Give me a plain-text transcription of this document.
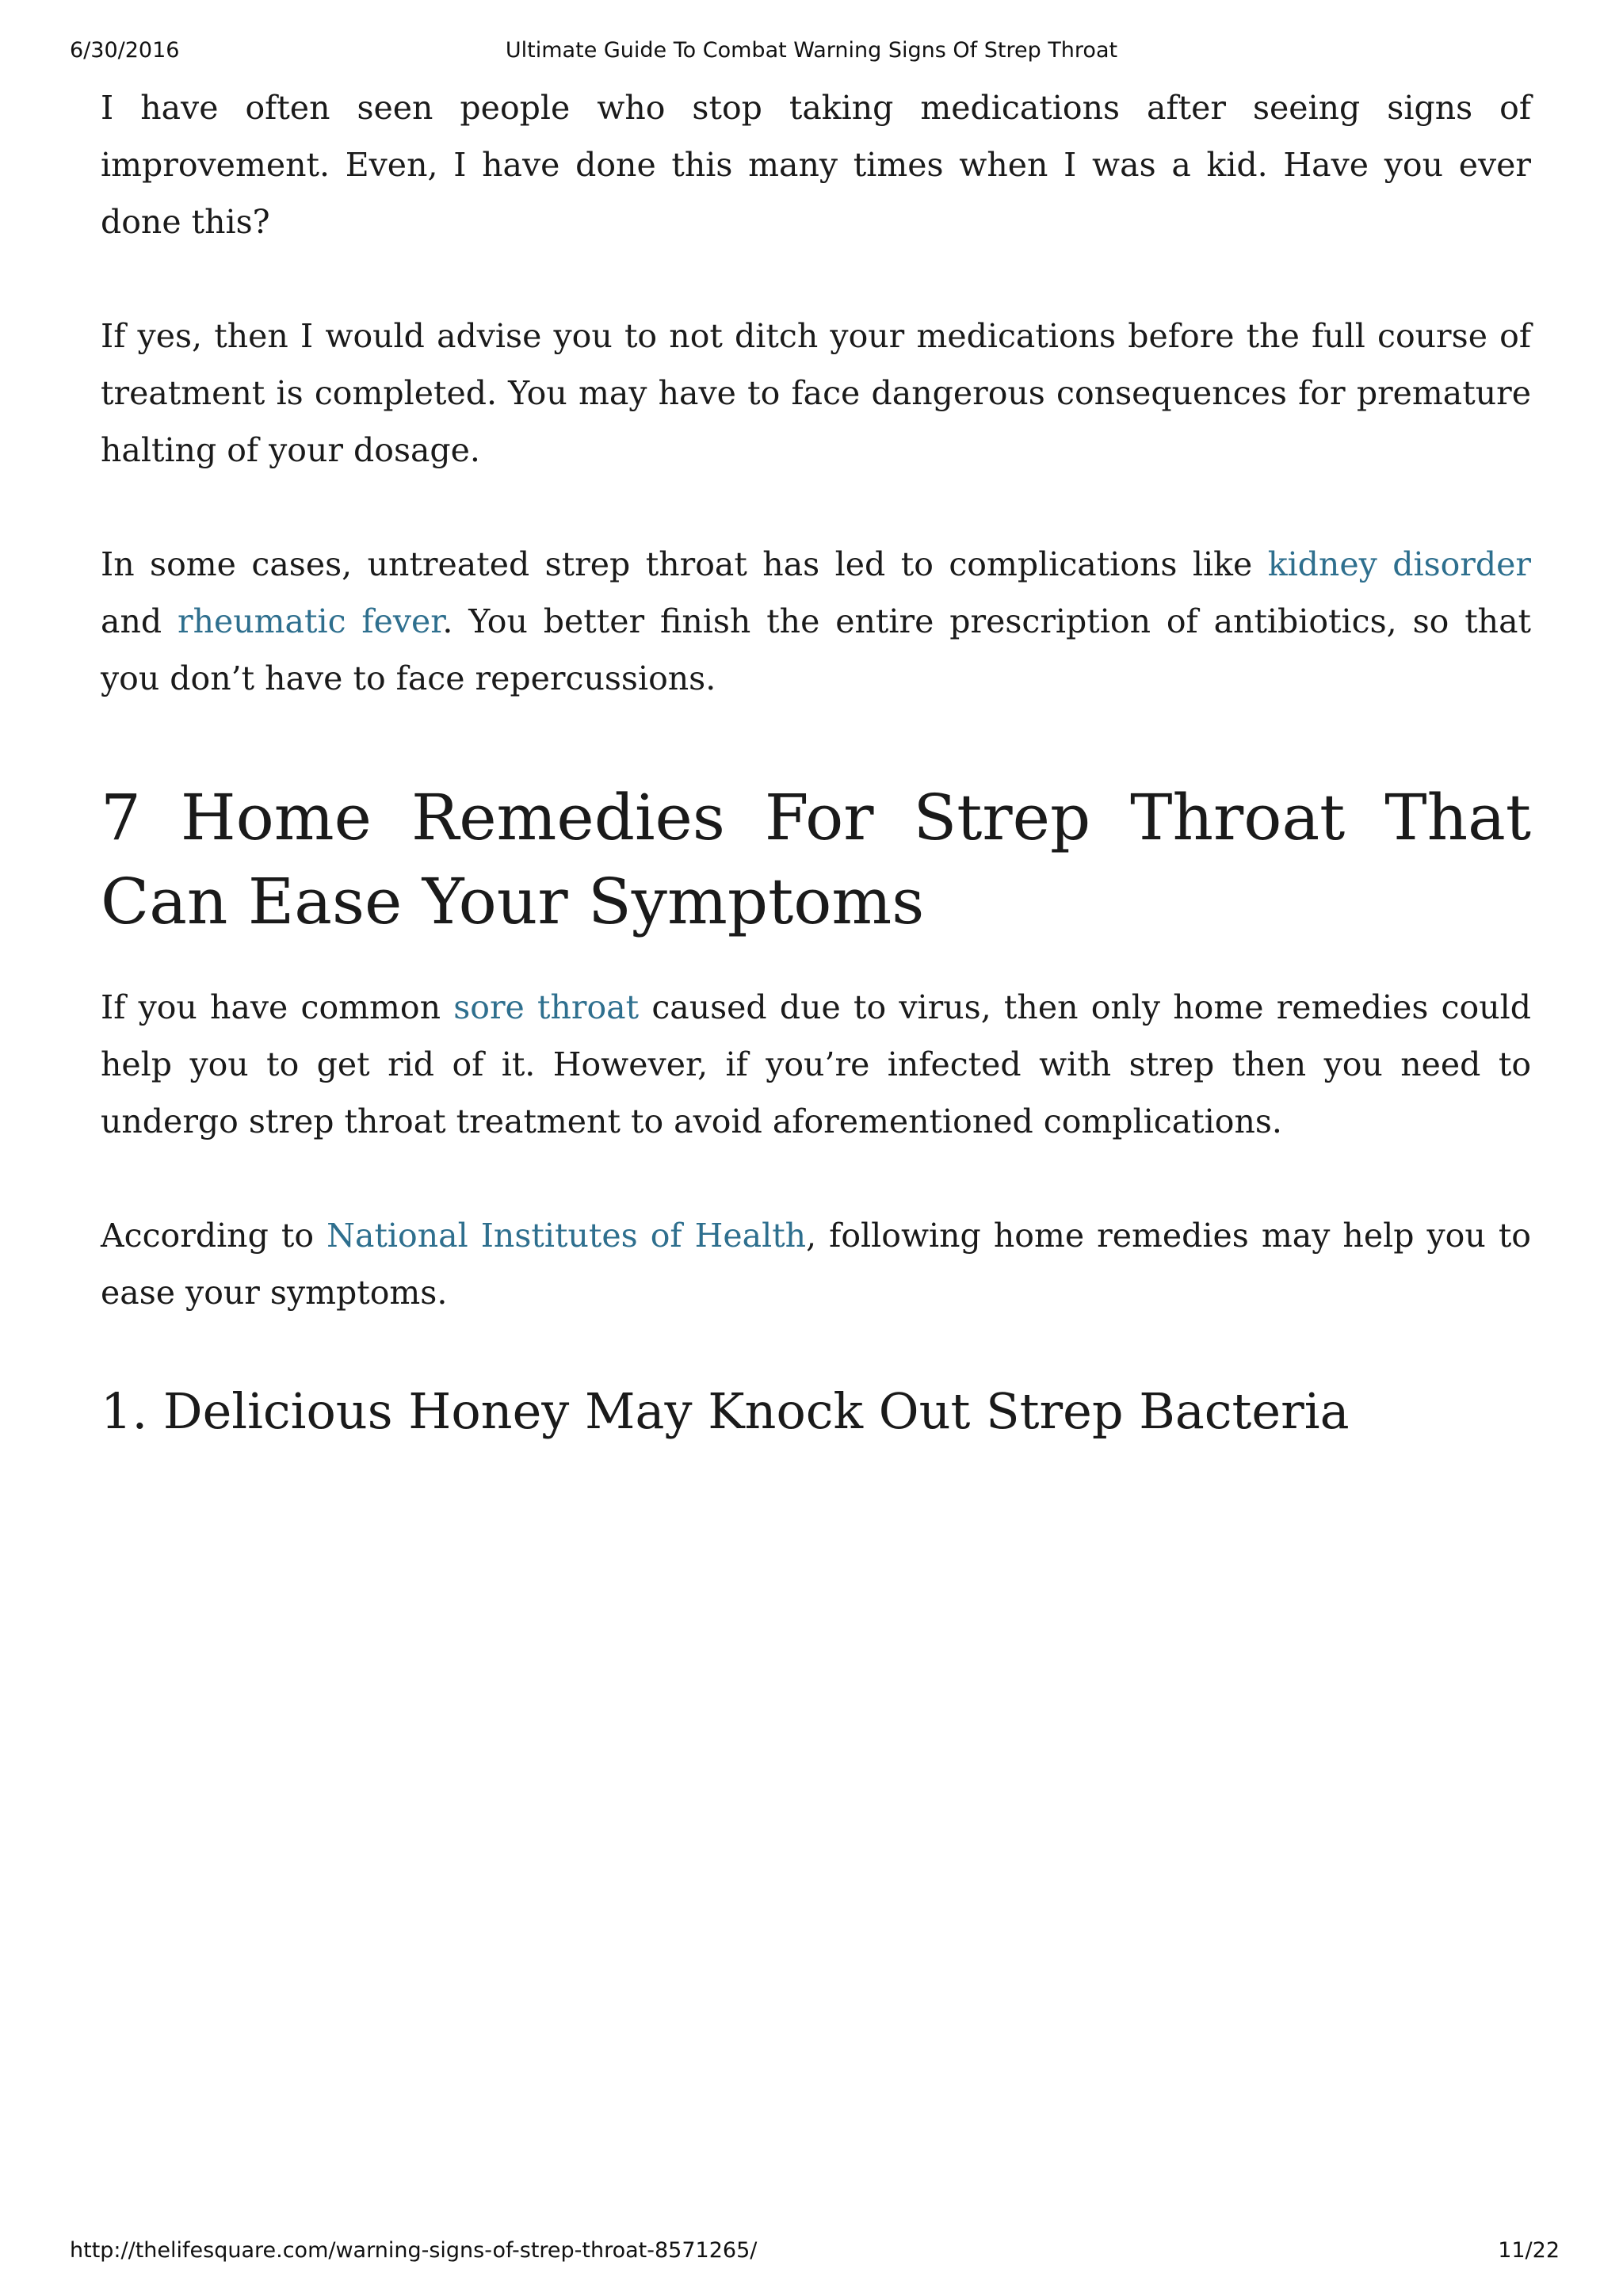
6/30/2016	Ultimate Guide To Combat Warning Signs Of Strep Throat

I have often seen people who stop taking medications after seeing signs of improvement. Even, I have done this many times when I was a kid. Have you ever done this?

If yes, then I would advise you to not ditch your medications before the full course of treatment is completed. You may have to face dangerous consequences for premature halting of your dosage.

In some cases, untreated strep throat has led to complications like kidney disorder and rheumatic fever. You better finish the entire prescription of antibiotics, so that you don’t have to face repercussions.

7 Home Remedies For Strep Throat That Can Ease Your Symptoms

If you have common sore throat caused due to virus, then only home remedies could help you to get rid of it. However, if you’re infected with strep then you need to undergo strep throat treatment to avoid aforementioned complications.

According to National Institutes of Health, following home remedies may help you to ease your symptoms.

1. Delicious Honey May Knock Out Strep Bacteria
http://thelifesquare.com/warning-signs-of-strep-throat-8571265/	11/22
